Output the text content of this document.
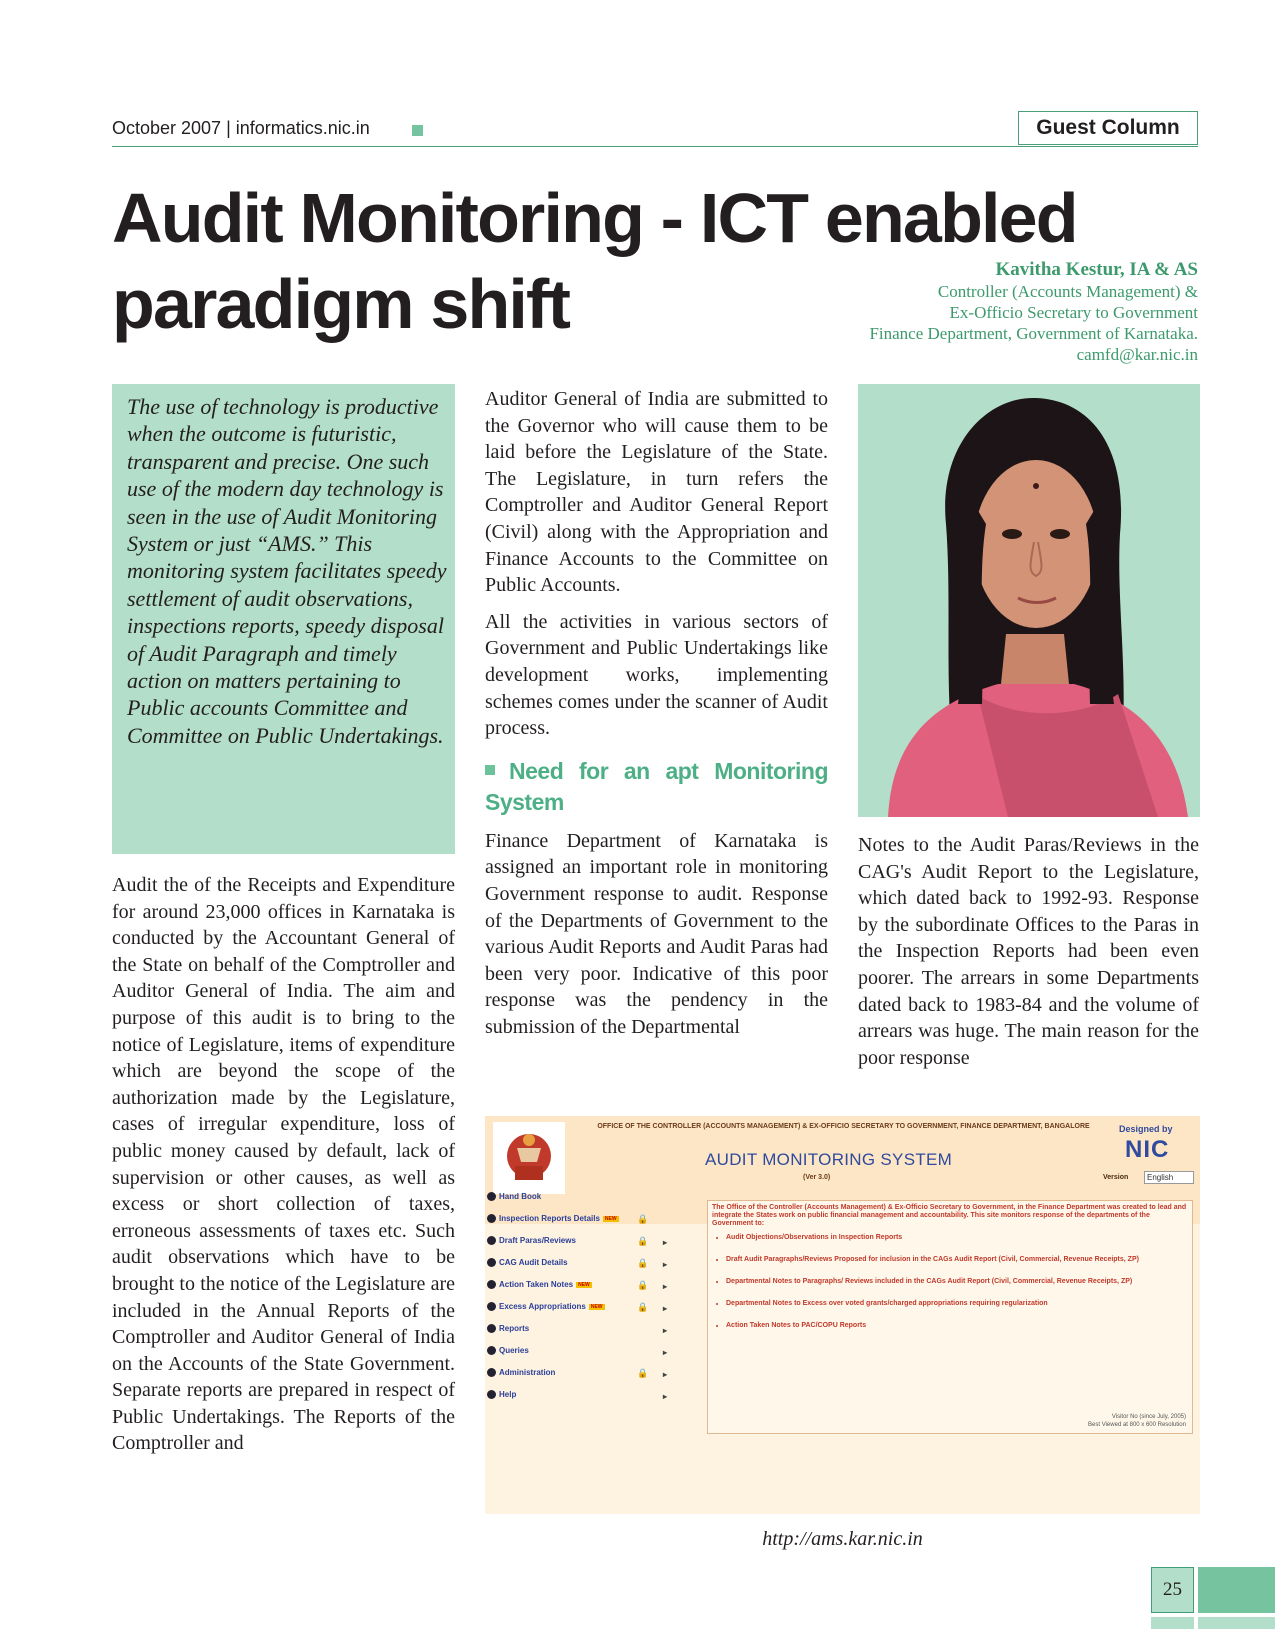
October 2007 | informatics.nic.in	Guest Column
Audit Monitoring - ICT enabled
paradigm shift	Kavitha Kestur, IA & AS
Controller (Accounts Management) &
Ex-Officio Secretary to Government
Finance Department, Government of Karnataka.
camfd@kar.nic.in

The use of technology is productive when the outcome is futuristic, transparent and precise. One such use of the modern day technology is seen in the use of Audit Monitoring System or just “AMS.” This monitoring system facilitates speedy settlement of audit observations, inspections reports, speedy disposal of Audit Paragraph and timely action on matters pertaining to Public accounts Committee and Committee on Public Undertakings.

Audit the of the Receipts and Expenditure for around 23,000 offices in Karnataka is conducted by the Accountant General of the State on behalf of the Comptroller and Auditor General of India. The aim and purpose of this audit is to bring to the notice of Legislature, items of expenditure which are beyond the scope of the authorization made by the Legislature, cases of irregular expenditure, loss of public money caused by default, lack of supervision or other causes, as well as excess or short collection of taxes, erroneous assessments of taxes etc. Such audit observations which have to be brought to the notice of the Legislature are included in the Annual Reports of the Comptroller and Auditor General of India on the Accounts of the State Government. Separate reports are prepared in respect of Public Undertakings. The Reports of the Comptroller and

Auditor General of India are submitted to the Governor who will cause them to be laid before the Legislature of the State. The Legislature, in turn refers the Comptroller and Auditor General Report (Civil) along with the Appropriation and Finance Accounts to the Committee on Public Accounts.

All the activities in various sectors of Government and Public Undertakings like development works, implementing schemes comes under the scanner of Audit process.

Need for an apt Monitoring System

Finance Department of Karnataka is assigned an important role in monitoring Government response to audit. Response of the Departments of Government to the various Audit Reports and Audit Paras had been very poor. Indicative of this poor response was the pendency in the submission of the Departmental

Notes to the Audit Paras/Reviews in the CAG's Audit Report to the Legislature, which dated back to 1992-93. Response by the subordinate Offices to the Paras in the Inspection Reports had been even poorer. The arrears in some Departments dated back to 1983-84 and the volume of arrears was huge. The main reason for the poor response

OFFICE OF THE CONTROLLER (ACCOUNTS MANAGEMENT) & EX-OFFICIO SECRETARY TO GOVERNMENT, FINANCE DEPARTMENT, BANGALORE
AUDIT MONITORING SYSTEM
(Ver 3.0)
Designed by
NIC
Version	English
Hand Book
Inspection Reports Details NEW 🔒
Draft Paras/Reviews	🔒 ▸
CAG Audit Details	🔒 ▸
Action Taken Notes NEW	🔒 ▸
Excess Appropriations NEW	🔒 ▸
Reports	▸
Queries	▸
Administration	🔒 ▸
Help	▸
The Office of the Controller (Accounts Management) & Ex-Officio Secretary to Government, in the Finance Department was created to lead and integrate the States work on public financial management and accountability. This site monitors response of the departments of the Government to:
• Audit Objections/Observations in Inspection Reports
• Draft Audit Paragraphs/Reviews Proposed for inclusion in the CAGs Audit Report (Civil, Commercial, Revenue Receipts, ZP)
• Departmental Notes to Paragraphs/ Reviews included in the CAGs Audit Report (Civil, Commercial, Revenue Receipts, ZP)
• Departmental Notes to Excess over voted grants/charged appropriations requiring regularization
• Action Taken Notes to PAC/COPU Reports
Visitor No (since July, 2005)
Best Viewed at 800 x 600 Resolution
http://ams.kar.nic.in
25
